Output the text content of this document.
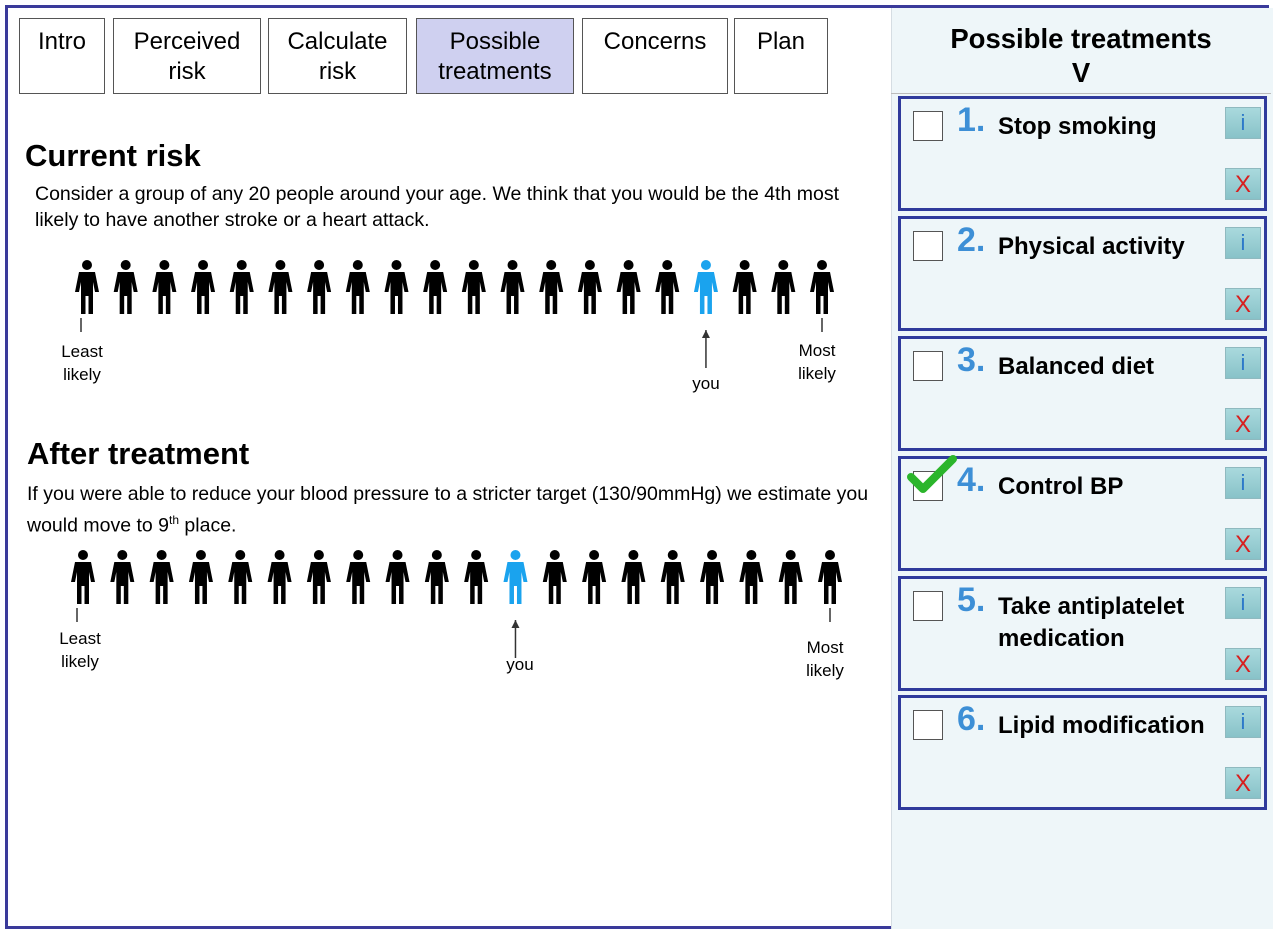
Intro	Perceived risk
Calculate risk
Possible treatments
Concerns	Plan
Current risk
Consider a group of any 20 people around your age. We think that you would be the 4th most likely to have another stroke or a heart attack.
Least likely
Most likely
you
After treatment
If you were able to reduce your blood pressure to a stricter target (130/90mmHg) we estimate you would move to 9th place.
Least likely
Most likely
you
Possible treatments
V
1. Stop smoking	i
X
2. Physical activity	i
X
3. Balanced diet	i
X
4. Control BP	i
X
5. Take antiplatelet medication
i
X
6. Lipid modification	i
X
